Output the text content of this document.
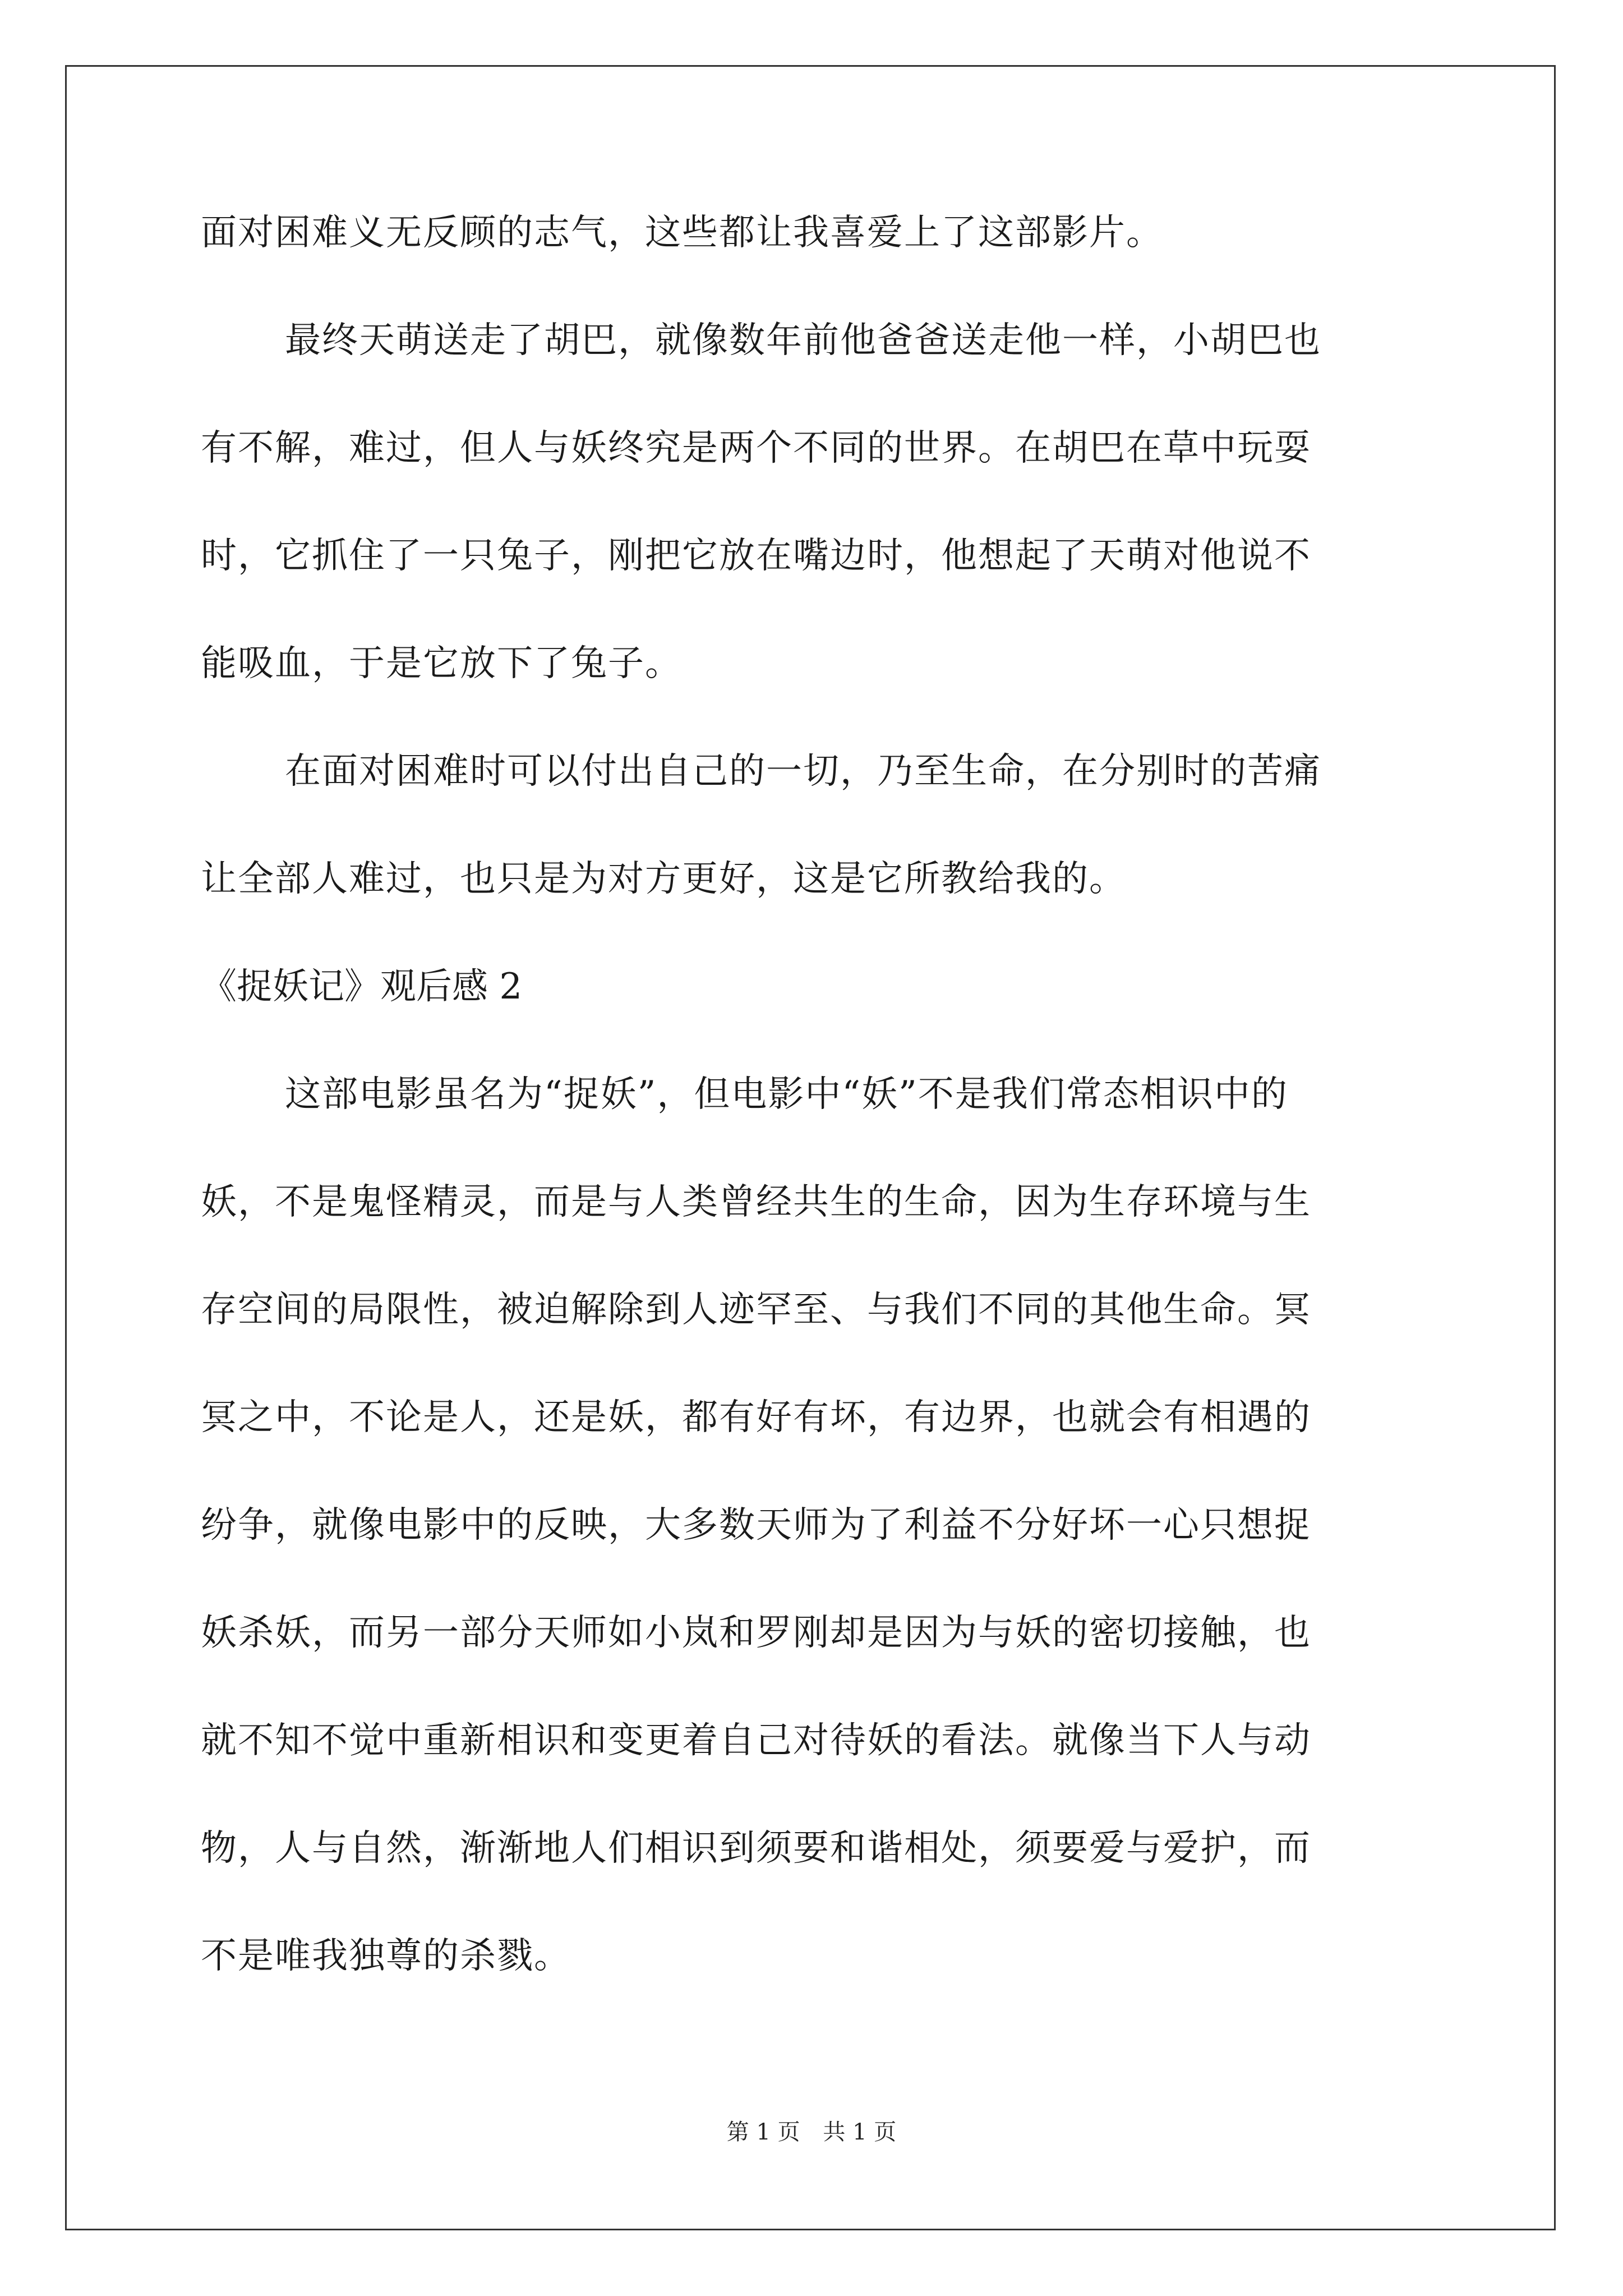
面对困难义无反顾的志气，这些都让我喜爱上了这部影片。

最终天萌送走了胡巴，就像数年前他爸爸送走他一样，小胡巴也

有不解，难过，但人与妖终究是两个不同的世界。在胡巴在草中玩耍

时，它抓住了一只兔子，刚把它放在嘴边时，他想起了天萌对他说不

能吸血，于是它放下了兔子。

在面对困难时可以付出自己的一切，乃至生命，在分别时的苦痛

让全部人难过，也只是为对方更好，这是它所教给我的。

《捉妖记》观后感 2

这部电影虽名为“捉妖”，但电影中“妖”不是我们常态相识中的

妖，不是鬼怪精灵，而是与人类曾经共生的生命，因为生存环境与生

存空间的局限性，被迫解除到人迹罕至、与我们不同的其他生命。冥

冥之中，不论是人，还是妖，都有好有坏，有边界，也就会有相遇的

纷争，就像电影中的反映，大多数天师为了利益不分好坏一心只想捉

妖杀妖，而另一部分天师如小岚和罗刚却是因为与妖的密切接触，也

就不知不觉中重新相识和变更着自己对待妖的看法。就像当下人与动

物，人与自然，渐渐地人们相识到须要和谐相处，须要爱与爱护，而

不是唯我独尊的杀戮。

第 1 页 共 1 页
